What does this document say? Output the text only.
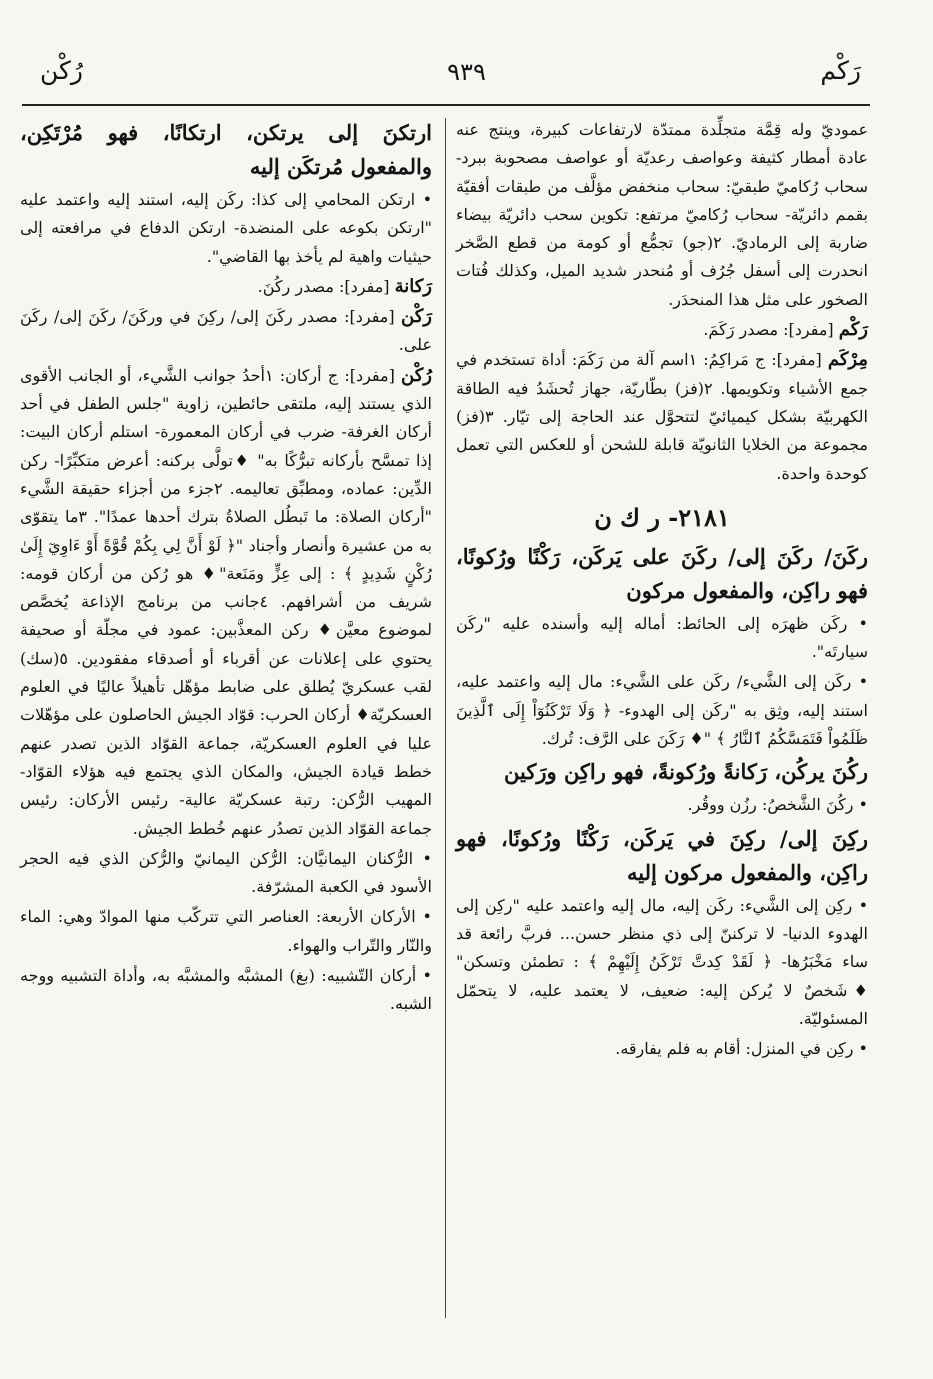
رُكْن	٩٣٩	رَكْم

عموديّ وله قِمَّة متجلِّدة ممتدّة لارتفاعات كبيرة، وينتج عنه عادة أمطار كثيفة وعواصف رعديّة أو عواصف مصحوبة ببرد- سحاب رُكاميّ طبقيّ: سحاب منخفض مؤلَّف من طبقات أفقيّة بقمم دائريّة- سحاب رُكاميّ مرتفع: تكوين سحب دائريّة بيضاء ضاربة إلى الرماديّ. ٢(جو) تجمُّع أو كومة من قطع الصَّخر انحدرت إلى أسفل جُرُف أو مُنحدر شديد الميل، وكذلك فُتات الصخور على مثل هذا المنحدَر.

رَكْم [مفرد]: مصدر رَكَمَ.

مِرْكَم [مفرد]: ج مَراكِمُ: ١اسم آلة من رَكَمَ: أداة تستخدم في جمع الأشياء وتكويمها. ٢(فز) بطّاريّة، جهاز تُحشَدُ فيه الطاقة الكهربيّة بشكل كيميائيّ لتتحوَّل عند الحاجة إلى تيّار. ٣(فز) مجموعة من الخلايا الثانويّة قابلة للشحن أو للعكس التي تعمل كوحدة واحدة.

٢١٨١- ر ك ن

ركَنَ/ ركَنَ إلى/ ركَنَ على يَركَن، رَكْنًا ورُكونًا، فهو راكِن، والمفعول مركون

• ركَن ظهرَه إلى الحائط: أماله إليه وأسنده عليه "ركَن سيارتَه".

• ركَن إلى الشَّيء/ ركَن على الشَّيء: مال إليه واعتمد عليه، استند إليه، وثِق به "ركَن إلى الهدوء- ﴿ وَلَا تَرْكَنُوٓاْ إِلَى ٱلَّذِينَ ظَلَمُواْ فَتَمَسَّكُمُ ٱلنَّارُ ﴾ "♦ رَكَنَ على الرَّف: تُرك.

ركُنَ يركُن، رَكانةً ورُكونةً، فهو راكِن ورَكين

• ركُنَ الشَّخصُ: رزُن ووقُر.

ركِنَ إلى/ ركِنَ في يَركَن، رَكْنًا ورُكونًا، فهو راكِن، والمفعول مركون إليه

• ركِن إلى الشَّيء: ركَن إليه، مال إليه واعتمد عليه "ركِن إلى الهدوء الدنيا- لا تركننّ إلى ذي منظر حسن... فربَّ رائعة قد ساء مَخْبَرُها- ﴿ لَقَدْ كِدتَّ تَرْكَنُ إِلَيْهِمْ ﴾ : تطمئن وتسكن" ♦شَخصٌ لا يُركن إليه: ضعيف، لا يعتمد عليه، لا يتحمّل المسئوليّة.

• ركِن في المنزل: أقام به فلم يفارقه.

ارتكنَ إلى يرتكن، ارتكانًا، فهو مُرْتَكِن، والمفعول مُرتكَن إليه

• ارتكن المحامي إلى كذا: ركَن إليه، استند إليه واعتمد عليه "ارتكن بكوعه على المنضدة- ارتكن الدفاع في مرافعته إلى حيثيات واهية لم يأخذ بها القاضي".

رَكانة [مفرد]: مصدر ركُنَ.

رَكْن [مفرد]: مصدر ركَنَ إلى/ ركِنَ في وركَنَ/ ركَنَ إلى/ ركَنَ على.

رُكْن [مفرد]: ج أركان: ١أحدُ جوانب الشَّيء، أو الجانب الأقوى الذي يستند إليه، ملتقى حائطين، زاوية "جلس الطفل في أحد أركان الغرفة- ضرب في أركان المعمورة- استلم أركان البيت: إذا تمسَّح بأركانه تبرُّكًا به" ♦تولَّى بركنه: أعرض متكبِّرًا- ركن الدِّين: عماده، ومطبِّق تعاليمه. ٢جزء من أجزاء حقيقة الشَّيء "أركان الصلاة: ما تَبطُل الصلاةُ بترك أحدها عمدًا". ٣ما يتقوّى به من عشيرة وأنصار وأجناد "﴿ لَوْ أَنَّ لِي بِكُمْ قُوَّةً أَوْ ءَاوِيٓ إِلَىٰ رُكْنٍ شَدِيدٍ ﴾ : إلى عِزٍّ ومَنَعة"♦ هو رُكن من أركان قومه: شريف من أشرافهم. ٤جانب من برنامج الإذاعة يُخصَّص لموضوع معيَّن♦ ركن المعذَّبين: عمود في مجلّة أو صحيفة يحتوي على إعلانات عن أقرباء أو أصدقاء مفقودين. ٥(سك) لقب عسكريّ يُطلق على ضابط مؤهّل تأهيلاً عاليًا في العلوم العسكريّة♦ أركان الحرب: قوّاد الجيش الحاصلون على مؤهّلات عليا في العلوم العسكريّة، جماعة القوّاد الذين تصدر عنهم خطط قيادة الجيش، والمكان الذي يجتمع فيه هؤلاء القوّاد- المهيب الرُّكن: رتبة عسكريّة عالية- رئيس الأركان: رئيس جماعة القوّاد الذين تصدُر عنهم خُطط الجيش.

• الرُّكنان اليمانيَّان: الرُّكن اليمانيّ والرُّكن الذي فيه الحجر الأسود في الكعبة المشرّفة.

• الأركان الأربعة: العناصر التي تتركّب منها الموادّ وهي: الماء والنّار والتّراب والهواء.

• أركان التّشبيه: (بغ) المشبَّه والمشبَّه به، وأداة التشبيه ووجه الشبه.
